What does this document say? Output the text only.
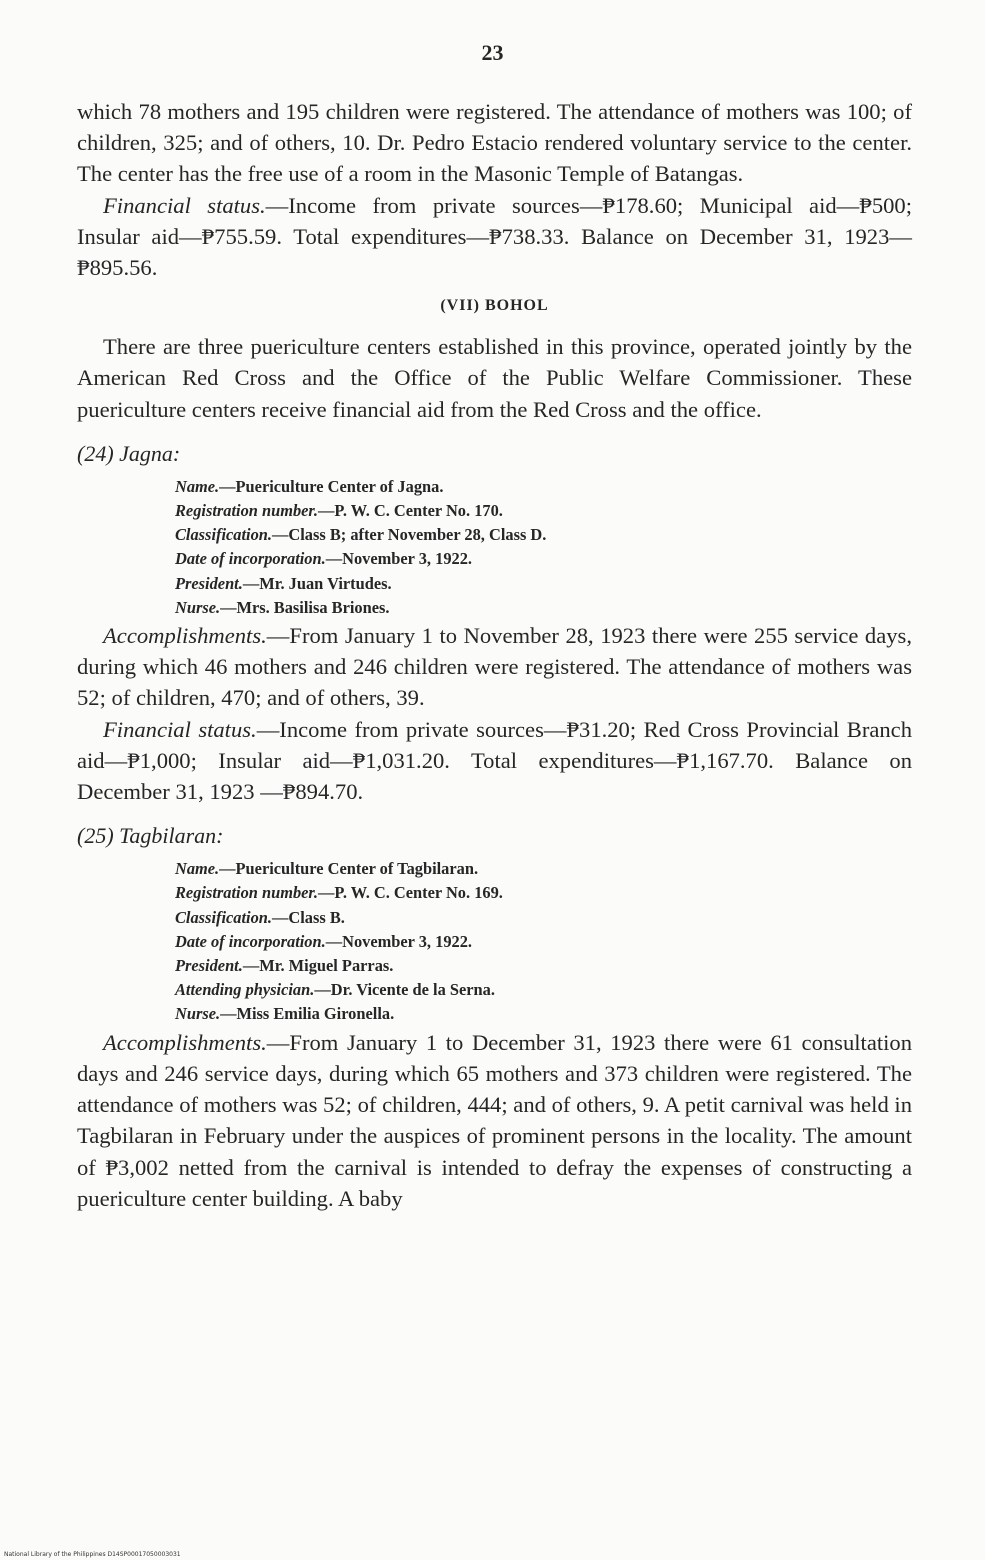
23

which 78 mothers and 195 children were registered. The attendance of mothers was 100; of children, 325; and of others, 10. Dr. Pedro Estacio rendered voluntary service to the center. The center has the free use of a room in the Masonic Temple of Batangas.

Financial status.—Income from private sources—₱178.60; Municipal aid—₱500; Insular aid—₱755.59. Total expenditures—₱738.33. Balance on December 31, 1923—₱895.56.

(VII) BOHOL

There are three puericulture centers established in this province, operated jointly by the American Red Cross and the Office of the Public Welfare Commissioner. These puericulture centers receive financial aid from the Red Cross and the office.

(24) Jagna:
Name.—Puericulture Center of Jagna.
Registration number.—P. W. C. Center No. 170.
Classification.—Class B; after November 28, Class D.
Date of incorporation.—November 3, 1922.
President.—Mr. Juan Virtudes.
Nurse.—Mrs. Basilisa Briones.

Accomplishments.—From January 1 to November 28, 1923 there were 255 service days, during which 46 mothers and 246 children were registered. The attendance of mothers was 52; of children, 470; and of others, 39.

Financial status.—Income from private sources—₱31.20; Red Cross Provincial Branch aid—₱1,000; Insular aid—₱1,031.20. Total expenditures—₱1,167.70. Balance on December 31, 1923 —₱894.70.

(25) Tagbilaran:
Name.—Puericulture Center of Tagbilaran.
Registration number.—P. W. C. Center No. 169.
Classification.—Class B.
Date of incorporation.—November 3, 1922.
President.—Mr. Miguel Parras.
Attending physician.—Dr. Vicente de la Serna.
Nurse.—Miss Emilia Gironella.

Accomplishments.—From January 1 to December 31, 1923 there were 61 consultation days and 246 service days, during which 65 mothers and 373 children were registered. The attendance of mothers was 52; of children, 444; and of others, 9. A petit carnival was held in Tagbilaran in February under the auspices of prominent persons in the locality. The amount of ₱3,002 netted from the carnival is intended to defray the expenses of constructing a puericulture center building. A baby

National Library of the Philippines D14SP00017050003031
